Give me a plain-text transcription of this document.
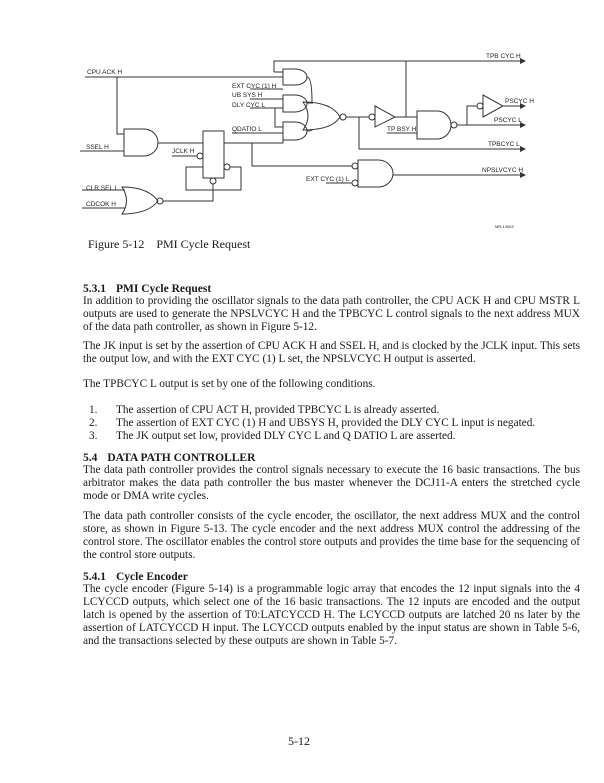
CPU ACK H
EXT CYC (1) H
UB SYS H
DLY CYC L
QDATIO L
SSEL H
JCLK H
CLR SEL L
CDCOK H
EXT CYC (1) L
TP BSY H
TPB CYC H
PSCYC H
PSCYC L
TPBCYC L
NPSLVCYC H
MR-13063
Figure 5-12 PMI Cycle Request
5.3.1 PMI Cycle Request
In addition to providing the oscillator signals to the data path controller, the CPU ACK H and CPU MSTR L outputs are used to generate the NPSLVCYC H and the TPBCYC L control signals to the next address MUX of the data path controller, as shown in Figure 5-12.
The JK input is set by the assertion of CPU ACK H and SSEL H, and is clocked by the JCLK input. This sets the output low, and with the EXT CYC (1) L set, the NPSLVCYC H output is asserted.
The TPBCYC L output is set by one of the following conditions.
1. The assertion of CPU ACT H, provided TPBCYC L is already asserted.
2. The assertion of EXT CYC (1) H and UBSYS H, provided the DLY CYC L input is negated.
3. The JK output set low, provided DLY CYC L and Q DATIO L are asserted.
5.4 DATA PATH CONTROLLER
The data path controller provides the control signals necessary to execute the 16 basic transactions. The bus arbitrator makes the data path controller the bus master whenever the DCJ11-A enters the stretched cycle mode or DMA write cycles.
The data path controller consists of the cycle encoder, the oscillator, the next address MUX and the control store, as shown in Figure 5-13. The cycle encoder and the next address MUX control the addressing of the control store. The oscillator enables the control store outputs and provides the time base for the sequencing of the control store outputs.
5.4.1 Cycle Encoder
The cycle encoder (Figure 5-14) is a programmable logic array that encodes the 12 input signals into the 4 LCYCCD outputs, which select one of the 16 basic transactions. The 12 inputs are encoded and the output latch is opened by the assertion of T0:LATCYCCD H. The LCYCCD outputs are latched 20 ns later by the assertion of LATCYCCD H input. The LCYCCD outputs enabled by the input status are shown in Table 5-6, and the transactions selected by these outputs are shown in Table 5-7.
5-12
